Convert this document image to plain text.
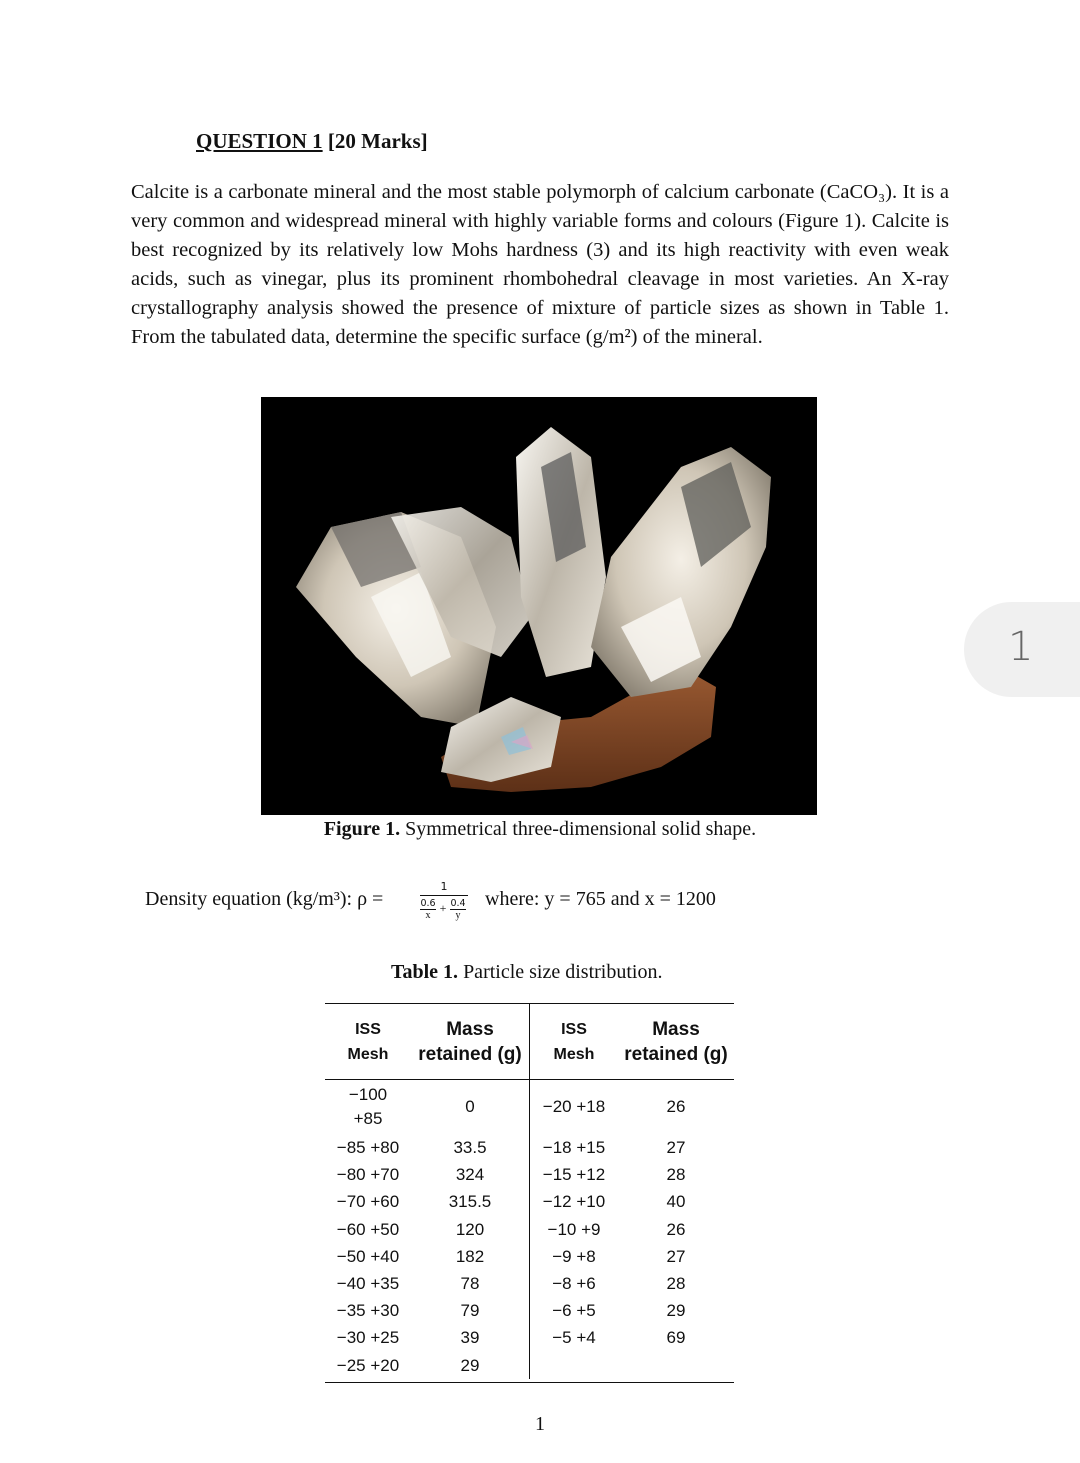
QUESTION 1 [20 Marks]
Calcite is a carbonate mineral and the most stable polymorph of calcium carbonate (CaCO₃). It is a very common and widespread mineral with highly variable forms and colours (Figure 1). Calcite is best recognized by its relatively low Mohs hardness (3) and its high reactivity with even weak acids, such as vinegar, plus its prominent rhombohedral cleavage in most varieties. An X-ray crystallography analysis showed the presence of mixture of particle sizes as shown in Table 1. From the tabulated data, determine the specific surface (g/m²) of the mineral.
Figure 1. Symmetrical three-dimensional solid shape.
Density equation (kg/m³): ρ =
1
0.6
x
+ 0.4
y
where: y = 765 and x = 1200
Table 1. Particle size distribution.
ISS
Mesh
Mass
retained (g)
ISS
Mesh
Mass
retained (g)
−100
+85
−85 +80
−80 +70
−70 +60
−60 +50
−50 +40
−40 +35
−35 +30
−30 +25
−25 +20
0
33.5
324
315.5
120
182
78
79
39
29
−20 +18
−18 +15
−15 +12
−12 +10
−10 +9
−9 +8
−8 +6
−6 +5
−5 +4
26
27
28
40
26
27
28
29
69
1
1
